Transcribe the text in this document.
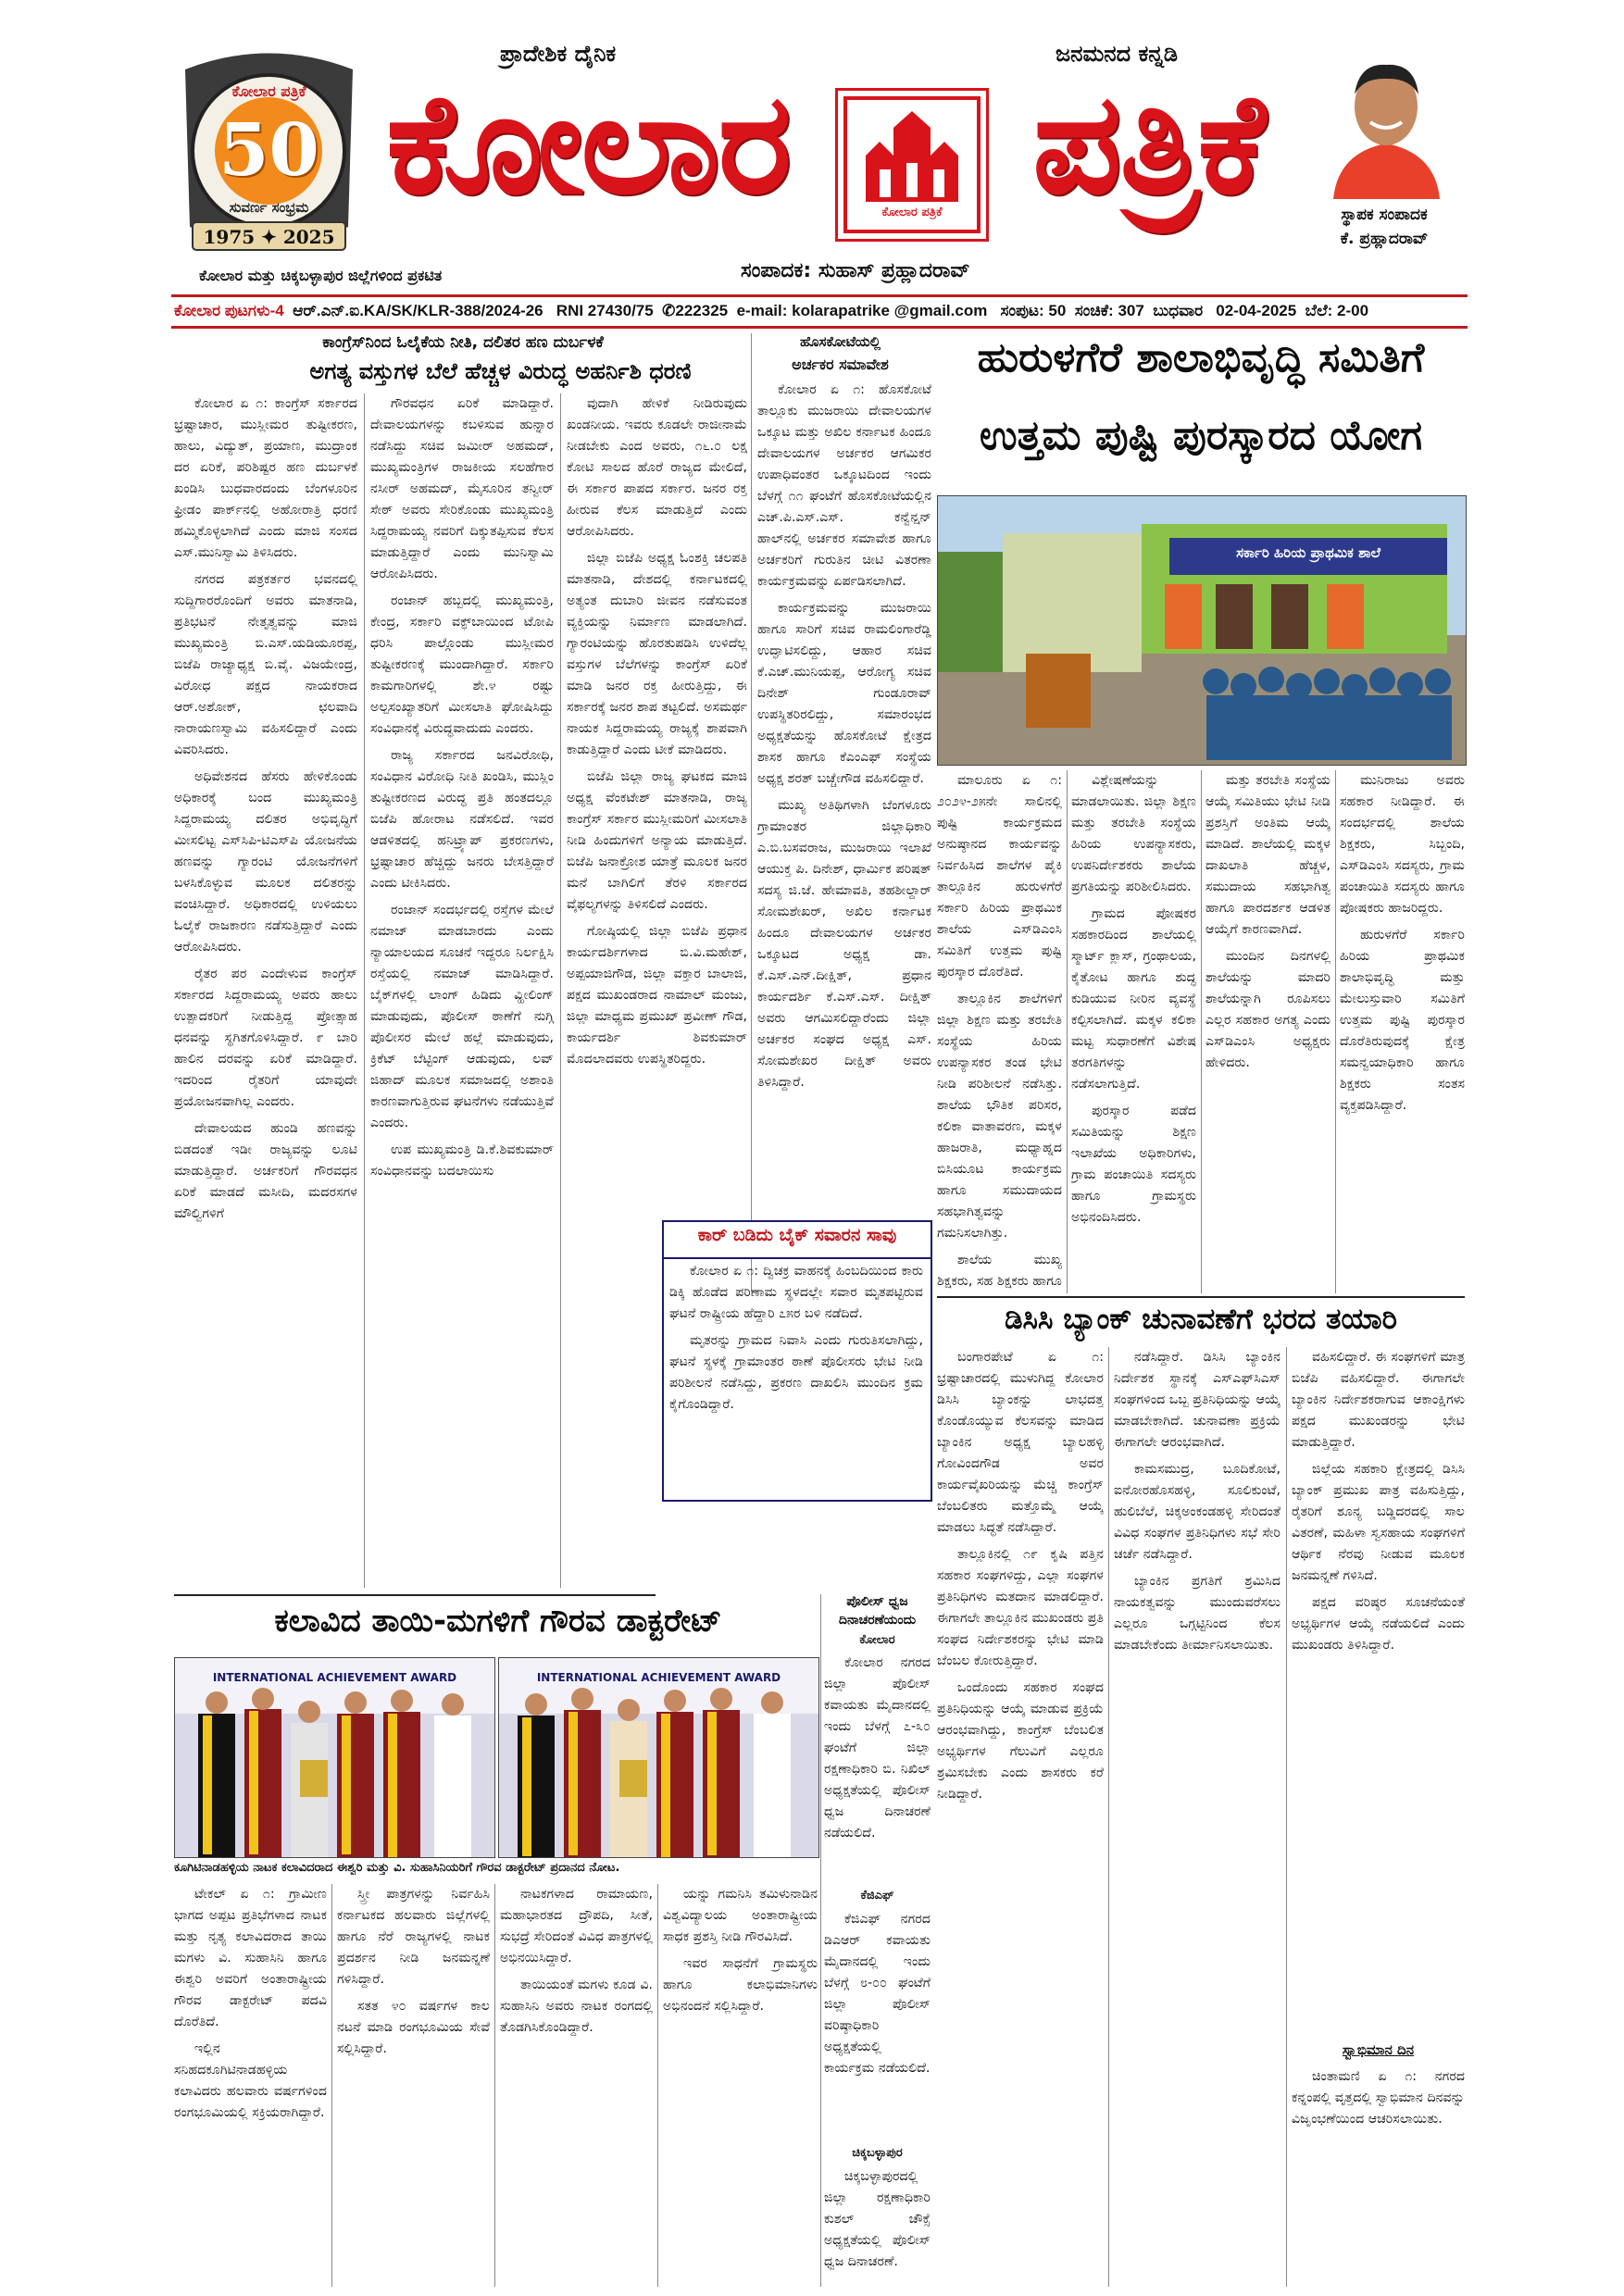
ಕೋಲಾರ ಪತ್ರಿಕೆ
50
ಸುವರ್ಣ ಸಂಭ್ರಮ
1975 ✦ 2025
ಪ್ರಾದೇಶಿಕ ದೈನಿಕ	ಜನಮನದ ಕನ್ನಡಿ
ಕೋಲಾರ	ಕೋಲಾರ ಪತ್ರಿಕೆ ಪತ್ರಿಕೆ	ಸ್ಥಾಪಕ ಸಂಪಾದಕ
ಕೆ. ಪ್ರಹ್ಲಾದರಾವ್
ಕೋಲಾರ ಮತ್ತು ಚಿಕ್ಕಬಳ್ಳಾಪುರ ಜಿಲ್ಲೆಗಳಿಂದ ಪ್ರಕಟಿತ	ಸಂಪಾದಕ: ಸುಹಾಸ್ ಪ್ರಹ್ಲಾದರಾವ್
ಕೋಲಾರ ಪುಟಗಳು-4 ಆರ್.ಎನ್.ಐ.KA/SK/KLR-388/2024-26 RNI 27430/75 ✆222325 e-mail: kolarapatrike @gmail.com ಸಂಪುಟ: 50 ಸಂಚಿಕೆ: 307 ಬುಧವಾರ 02-04-2025 ಬೆಲೆ: 2-00
ಕಾಂಗ್ರೆಸ್‌ನಿಂದ ಓಲೈಕೆಯ ನೀತಿ, ದಲಿತರ ಹಣ ದುರ್ಬಳಕೆ
ಅಗತ್ಯ ವಸ್ತುಗಳ ಬೆಲೆ ಹೆಚ್ಚಳ ವಿರುದ್ಧ ಅಹರ್ನಿಶಿ ಧರಣಿ

ಕೋಲಾರ ಏ ೧: ಕಾಂಗ್ರೆಸ್ ಸರ್ಕಾರದ ಭ್ರಷ್ಟಾಚಾರ, ಮುಸ್ಲೀಮರ ತುಷ್ಟೀಕರಣ, ಹಾಲು, ವಿದ್ಯುತ್, ಪ್ರಯಾಣ, ಮುದ್ರಾಂಕ ದರ ಏರಿಕೆ, ಪರಿಶಿಷ್ಟರ ಹಣ ದುರ್ಬಳಕೆ ಖಂಡಿಸಿ ಬುಧವಾರದಂದು ಬೆಂಗಳೂರಿನ ಫ್ರೀಡಂ ಪಾರ್ಕ್‌ನಲ್ಲಿ ಅಹೋರಾತ್ರಿ ಧರಣಿ ಹಮ್ಮಿಕೊಳ್ಳಲಾಗಿದೆ ಎಂದು ಮಾಜಿ ಸಂಸದ ಎಸ್.ಮುನಿಸ್ವಾಮಿ ತಿಳಿಸಿದರು.

ನಗರದ ಪತ್ರಕರ್ತರ ಭವನದಲ್ಲಿ ಸುದ್ದಿಗಾರರೊಂದಿಗೆ ಅವರು ಮಾತನಾಡಿ, ಪ್ರತಿಭಟನೆ ನೇತೃತ್ವವನ್ನು ಮಾಜಿ ಮುಖ್ಯಮಂತ್ರಿ ಬಿ.ಎಸ್.ಯಡಿಯೂರಪ್ಪ, ಬಿಜೆಪಿ ರಾಜ್ಯಾಧ್ಯಕ್ಷ ಬಿ.ವೈ. ವಿಜಯೇಂದ್ರ, ವಿರೋಧ ಪಕ್ಷದ ನಾಯಕರಾದ ಆರ್.ಅಶೋಕ್, ಛಲವಾದಿ ನಾರಾಯಣಸ್ವಾಮಿ ವಹಿಸಲಿದ್ದಾರೆ ಎಂದು ವಿವರಿಸಿದರು.

ಅಧಿವೇಶನದ ಹೆಸರು ಹೇಳಿಕೊಂಡು ಅಧಿಕಾರಕ್ಕೆ ಬಂದ ಮುಖ್ಯಮಂತ್ರಿ ಸಿದ್ದರಾಮಯ್ಯ ದಲಿತರ ಅಭಿವೃದ್ಧಿಗೆ ಮೀಸಲಿಟ್ಟ ಎಸ್‌ಸಿಪಿ-ಟಿಎಸ್‌ಪಿ ಯೋಜನೆಯ ಹಣವನ್ನು ಗ್ಯಾರಂಟಿ ಯೋಜನೆಗಳಿಗೆ ಬಳಸಿಕೊಳ್ಳುವ ಮೂಲಕ ದಲಿತರನ್ನು ವಂಚಿಸಿದ್ದಾರೆ. ಅಧಿಕಾರದಲ್ಲಿ ಉಳಿಯಲು ಓಲೈಕೆ ರಾಜಕಾರಣ ನಡೆಸುತ್ತಿದ್ದಾರೆ ಎಂದು ಆರೋಪಿಸಿದರು.

ರೈತರ ಪರ ಎಂದೇಳುವ ಕಾಂಗ್ರೆಸ್ ಸರ್ಕಾರದ ಸಿದ್ದರಾಮಯ್ಯ ಅವರು ಹಾಲು ಉತ್ಪಾದಕರಿಗೆ ನೀಡುತ್ತಿದ್ದ ಪ್ರೋತ್ಸಾಹ ಧನವನ್ನು ಸ್ಥಗಿತಗೊಳಿಸಿದ್ದಾರೆ. ೯ ಬಾರಿ ಹಾಲಿನ ದರವನ್ನು ಏರಿಕೆ ಮಾಡಿದ್ದಾರೆ. ಇದರಿಂದ ರೈತರಿಗೆ ಯಾವುದೇ ಪ್ರಯೋಜನವಾಗಿಲ್ಲ ಎಂದರು.

ದೇವಾಲಯದ ಹುಂಡಿ ಹಣವನ್ನು ಬಿಡದಂತೆ ಇಡೀ ರಾಜ್ಯವನ್ನು ಲೂಟಿ ಮಾಡುತ್ತಿದ್ದಾರೆ. ಅರ್ಚಕರಿಗೆ ಗೌರವಧನ ಏರಿಕೆ ಮಾಡದೆ ಮಸೀದಿ, ಮದರಸಗಳ ಮೌಲ್ವಿಗಳಿಗೆ

ಗೌರವಧನ ಏರಿಕೆ ಮಾಡಿದ್ದಾರೆ. ದೇವಾಲಯಗಳನ್ನು ಕಬಳಿಸುವ ಹುನ್ನಾರ ನಡೆಸಿದ್ದು ಸಚಿವ ಜಮೀರ್ ಅಹಮದ್, ಮುಖ್ಯಮಂತ್ರಿಗಳ ರಾಜಕೀಯ ಸಲಹೆಗಾರ ನಸೀರ್ ಅಹಮದ್, ಮೈಸೂರಿನ ತನ್ವೀರ್ ಸೇಠ್ ಅವರು ಸೇರಿಕೊಂಡು ಮುಖ್ಯಮಂತ್ರಿ ಸಿದ್ದರಾಮಯ್ಯ ನವರಿಗೆ ದಿಕ್ಕುತಪ್ಪಿಸುವ ಕೆಲಸ ಮಾಡುತ್ತಿದ್ದಾರೆ ಎಂದು ಮುನಿಸ್ವಾಮಿ ಆರೋಪಿಸಿದರು.

ರಂಜಾನ್ ಹಬ್ಬದಲ್ಲಿ ಮುಖ್ಯಮಂತ್ರಿ, ಕೇಂದ್ರ, ಸರ್ಕಾರಿ ವಕ್ಫ್‌ಬಾಯಿಂದ ಟೋಪಿ ಧರಿಸಿ ಪಾಲ್ಗೊಂಡು ಮುಸ್ಲೀಮರ ತುಷ್ಟೀಕರಣಕ್ಕೆ ಮುಂದಾಗಿದ್ದಾರೆ. ಸರ್ಕಾರಿ ಕಾಮಗಾರಿಗಳಲ್ಲಿ ಶೇ.೪ ರಷ್ಟು ಅಲ್ಪಸಂಖ್ಯಾತರಿಗೆ ಮೀಸಲಾತಿ ಘೋಷಿಸಿದ್ದು ಸಂವಿಧಾನಕ್ಕೆ ವಿರುದ್ಧವಾದುದು ಎಂದರು.

ರಾಜ್ಯ ಸರ್ಕಾರದ ಜನವಿರೋಧಿ, ಸಂವಿಧಾನ ವಿರೋಧಿ ನೀತಿ ಖಂಡಿಸಿ, ಮುಸ್ಲಿಂ ತುಷ್ಟೀಕರಣದ ವಿರುದ್ಧ ಪ್ರತಿ ಹಂತದಲ್ಲೂ ಬಿಜೆಪಿ ಹೋರಾಟ ನಡೆಸಲಿದೆ. ಇವರ ಆಡಳಿತದಲ್ಲಿ ಹನಿಟ್ರ್ಯಾಪ್ ಪ್ರಕರಣಗಳು, ಭ್ರಷ್ಟಾಚಾರ ಹೆಚ್ಚಿದ್ದು ಜನರು ಬೇಸತ್ತಿದ್ದಾರೆ ಎಂದು ಟೀಕಿಸಿದರು.

ರಂಜಾನ್ ಸಂದರ್ಭದಲ್ಲಿ ರಸ್ತೆಗಳ ಮೇಲೆ ನಮಾಜ್ ಮಾಡಬಾರದು ಎಂದು ನ್ಯಾಯಾಲಯದ ಸೂಚನೆ ಇದ್ದರೂ ನಿರ್ಲಕ್ಷಿಸಿ ರಸ್ತೆಯಲ್ಲಿ ನಮಾಜ್ ಮಾಡಿಸಿದ್ದಾರೆ. ಬೈಕ್‌ಗಳಲ್ಲಿ ಲಾಂಗ್ ಹಿಡಿದು ವ್ಹೀಲಿಂಗ್ ಮಾಡುವುದು, ಪೊಲೀಸ್ ಠಾಣೆಗೆ ನುಗ್ಗಿ ಪೊಲೀಸರ ಮೇಲೆ ಹಲ್ಲೆ ಮಾಡುವುದು, ಕ್ರಿಕೆಟ್ ಬೆಟ್ಟಿಂಗ್ ಆಡುವುದು, ಲವ್ ಜಿಹಾದ್ ಮೂಲಕ ಸಮಾಜದಲ್ಲಿ ಅಶಾಂತಿ ಕಾರಣವಾಗುತ್ತಿರುವ ಘಟನೆಗಳು ನಡೆಯುತ್ತಿವೆ ಎಂದರು.

ಉಪ ಮುಖ್ಯಮಂತ್ರಿ ಡಿ.ಕೆ.ಶಿವಕುಮಾರ್ ಸಂವಿಧಾನವನ್ನು ಬದಲಾಯಿಸು

ವುದಾಗಿ ಹೇಳಿಕೆ ನೀಡಿರುವುದು ಖಂಡನೀಯ. ಇವರು ಕೂಡಲೇ ರಾಜೀನಾಮೆ ನೀಡಬೇಕು ಎಂದ ಅವರು, ೧೬.೦ ಲಕ್ಷ ಕೋಟಿ ಸಾಲದ ಹೊರೆ ರಾಜ್ಯದ ಮೇಲಿದೆ, ಈ ಸರ್ಕಾರ ಪಾಪದ ಸರ್ಕಾರ. ಜನರ ರಕ್ತ ಹೀರುವ ಕೆಲಸ ಮಾಡುತ್ತಿದೆ ಎಂದು ಆರೋಪಿಸಿದರು.

ಜಿಲ್ಲಾ ಬಿಜೆಪಿ ಅಧ್ಯಕ್ಷ ಓಂಶಕ್ತಿ ಚಲಪತಿ ಮಾತನಾಡಿ, ದೇಶದಲ್ಲಿ ಕರ್ನಾಟಕದಲ್ಲಿ ಅತ್ಯಂತ ದುಬಾರಿ ಜೀವನ ನಡೆಸುವಂತ ವ್ಯಕ್ತಿಯನ್ನು ನಿರ್ಮಾಣ ಮಾಡಲಾಗಿದೆ. ಗ್ಯಾರಂಟಿಯನ್ನು ಹೊರತುಪಡಿಸಿ ಉಳಿದೆಲ್ಲ ವಸ್ತುಗಳ ಬೆಲೆಗಳನ್ನು ಕಾಂಗ್ರೆಸ್ ಏರಿಕೆ ಮಾಡಿ ಜನರ ರಕ್ತ ಹೀರುತ್ತಿದ್ದು, ಈ ಸರ್ಕಾರಕ್ಕೆ ಜನರ ಶಾಪ ತಟ್ಟಲಿದೆ. ಅಸಮರ್ಥ ನಾಯಕ ಸಿದ್ದರಾಮಯ್ಯ ರಾಜ್ಯಕ್ಕೆ ಶಾಪವಾಗಿ ಕಾಡುತ್ತಿದ್ದಾರೆ ಎಂದು ಟೀಕೆ ಮಾಡಿದರು.

ಬಿಜೆಪಿ ಜಿಲ್ಲಾ ರಾಜ್ಯ ಘಟಕದ ಮಾಜಿ ಅಧ್ಯಕ್ಷ ವೆಂಕಟೇಶ್ ಮಾತನಾಡಿ, ರಾಜ್ಯ ಕಾಂಗ್ರೆಸ್ ಸರ್ಕಾರ ಮುಸ್ಲೀಮರಿಗೆ ಮೀಸಲಾತಿ ನೀಡಿ ಹಿಂದುಗಳಿಗೆ ಅನ್ಯಾಯ ಮಾಡುತ್ತಿದೆ. ಬಿಜೆಪಿ ಜನಾಕ್ರೋಶ ಯಾತ್ರೆ ಮೂಲಕ ಜನರ ಮನೆ ಬಾಗಿಲಿಗೆ ತೆರಳಿ ಸರ್ಕಾರದ ವೈಫಲ್ಯಗಳನ್ನು ತಿಳಿಸಲಿದೆ ಎಂದರು.

ಗೋಷ್ಠಿಯಲ್ಲಿ ಜಿಲ್ಲಾ ಬಿಜೆಪಿ ಪ್ರಧಾನ ಕಾರ್ಯದರ್ಶಿಗಳಾದ ಬಿ.ವಿ.ಮಹೇಶ್, ಅಪ್ಪಯಾಜಿಗೌಡ, ಜಿಲ್ಲಾ ವಕ್ತಾರ ಬಾಲಾಜಿ, ಪಕ್ಷದ ಮುಖಂಡರಾದ ನಾಮಾಲ್ ಮಂಜು, ಜಿಲ್ಲಾ ಮಾಧ್ಯಮ ಪ್ರಮುಖ್ ಪ್ರವೀಣ್ ಗೌಡ, ಕಾರ್ಯದರ್ಶಿ ಶಿವಕುಮಾರ್ ಮೊದಲಾದವರು ಉಪಸ್ಥಿತರಿದ್ದರು.

ಹೊಸಕೋಟೆಯಲ್ಲಿ
ಅರ್ಚಕರ ಸಮಾವೇಶ

ಕೋಲಾರ ಏ ೧: ಹೊಸಕೋಟೆ ತಾಲ್ಲೂಕು ಮುಜರಾಯಿ ದೇವಾಲಯಗಳ ಒಕ್ಕೂಟ ಮತ್ತು ಅಖಿಲ ಕರ್ನಾಟಕ ಹಿಂದೂ ದೇವಾಲಯಗಳ ಅರ್ಚಕರ ಆಗಮಿಕರ ಉಪಾಧಿವಂತರ ಒಕ್ಕೂಟದಿಂದ ಇಂದು ಬೆಳಗ್ಗೆ ೧೧ ಘಂಟೆಗೆ ಹೊಸಕೋಟೆಯಲ್ಲಿನ ಎಚ್.ಪಿ.ಎಸ್.ಎಸ್. ಕನ್ವೆನ್ಷನ್ ಹಾಲ್‌ನಲ್ಲಿ ಅರ್ಚಕರ ಸಮಾವೇಶ ಹಾಗೂ ಅರ್ಚಕರಿಗೆ ಗುರುತಿನ ಚೀಟಿ ವಿತರಣಾ ಕಾರ್ಯಕ್ರಮವನ್ನು ಏರ್ಪಡಿಸಲಾಗಿದೆ.

ಕಾರ್ಯಕ್ರಮವನ್ನು ಮುಜರಾಯಿ ಹಾಗೂ ಸಾರಿಗೆ ಸಚಿವ ರಾಮಲಿಂಗಾರೆಡ್ಡಿ ಉದ್ಘಾಟಿಸಲಿದ್ದು, ಆಹಾರ ಸಚಿವ ಕೆ.ಎಚ್.ಮುನಿಯಪ್ಪ, ಆರೋಗ್ಯ ಸಚಿವ ದಿನೇಶ್ ಗುಂಡೂರಾವ್ ಉಪಸ್ಥಿತರಿರಲಿದ್ದು, ಸಮಾರಂಭದ ಅಧ್ಯಕ್ಷತೆಯನ್ನು ಹೊಸಕೋಟೆ ಕ್ಷೇತ್ರದ ಶಾಸಕ ಹಾಗೂ ಕೆಎಂಎಫ್ ಸಂಸ್ಥೆಯ ಅಧ್ಯಕ್ಷ ಶರತ್ ಬಚ್ಚೇಗೌಡ ವಹಿಸಲಿದ್ದಾರೆ.

ಮುಖ್ಯ ಅತಿಥಿಗಳಾಗಿ ಬೆಂಗಳೂರು ಗ್ರಾಮಾಂತರ ಜಿಲ್ಲಾಧಿಕಾರಿ ಎ.ಬಿ.ಬಸವರಾಜ, ಮುಜರಾಯಿ ಇಲಾಖೆ ಆಯುಕ್ತ ಪಿ. ದಿನೇಶ್, ಧಾರ್ಮಿಕ ಪರಿಷತ್ ಸದಸ್ಯ ಜಿ.ಜೆ. ಹೇಮಾವತಿ, ತಹಶೀಲ್ದಾರ್ ಸೋಮಶೇಖರ್, ಅಖಿಲ ಕರ್ನಾಟಕ ಹಿಂದೂ ದೇವಾಲಯಗಳ ಅರ್ಚಕರ ಒಕ್ಕೂಟದ ಅಧ್ಯಕ್ಷ ಡಾ. ಕೆ.ಎಸ್.ಎನ್.ದೀಕ್ಷಿತ್, ಪ್ರಧಾನ ಕಾರ್ಯದರ್ಶಿ ಕೆ.ಎಸ್.ಎಸ್. ದೀಕ್ಷಿತ್ ಅವರು ಆಗಮಿಸಲಿದ್ದಾರೆಂದು ಜಿಲ್ಲಾ ಅರ್ಚಕರ ಸಂಘದ ಅಧ್ಯಕ್ಷ ಎಸ್. ಸೋಮಶೇಖರ ದೀಕ್ಷಿತ್ ಅವರು ತಿಳಿಸಿದ್ದಾರೆ.

ಹುರುಳಗೆರೆ ಶಾಲಾಭಿವೃದ್ಧಿ ಸಮಿತಿಗೆ
ಉತ್ತಮ ಪುಷ್ಟಿ ಪುರಸ್ಕಾರದ ಯೋಗ
ಸರ್ಕಾರಿ ಹಿರಿಯ ಪ್ರಾಥಮಿಕ ಶಾಲೆ

ಮಾಲೂರು ಏ ೧: ೨೦೨೪-೨೫ನೇ ಸಾಲಿನಲ್ಲಿ ಪುಷ್ಟಿ ಕಾರ್ಯಕ್ರಮದ ಅನುಷ್ಠಾನದ ಕಾರ್ಯವನ್ನು ನಿರ್ವಹಿಸಿದ ಶಾಲೆಗಳ ಪೈಕಿ ತಾಲ್ಲೂಕಿನ ಹುರುಳಗೆರೆ ಸರ್ಕಾರಿ ಹಿರಿಯ ಪ್ರಾಥಮಿಕ ಶಾಲೆಯ ಎಸ್‌ಡಿಎಂಸಿ ಸಮಿತಿಗೆ ಉತ್ತಮ ಪುಷ್ಟಿ ಪುರಸ್ಕಾರ ದೊರೆತಿದೆ.

ತಾಲ್ಲೂಕಿನ ಶಾಲೆಗಳಿಗೆ ಜಿಲ್ಲಾ ಶಿಕ್ಷಣ ಮತ್ತು ತರಬೇತಿ ಸಂಸ್ಥೆಯ ಹಿರಿಯ ಉಪನ್ಯಾಸಕರ ತಂಡ ಭೇಟಿ ನೀಡಿ ಪರಿಶೀಲನೆ ನಡೆಸಿತ್ತು. ಶಾಲೆಯ ಭೌತಿಕ ಪರಿಸರ, ಕಲಿಕಾ ವಾತಾವರಣ, ಮಕ್ಕಳ ಹಾಜರಾತಿ, ಮಧ್ಯಾಹ್ನದ ಬಿಸಿಯೂಟ ಕಾರ್ಯಕ್ರಮ ಹಾಗೂ ಸಮುದಾಯದ ಸಹಭಾಗಿತ್ವವನ್ನು ಗಮನಿಸಲಾಗಿತ್ತು.

ಶಾಲೆಯ ಮುಖ್ಯ ಶಿಕ್ಷಕರು, ಸಹ ಶಿಕ್ಷಕರು ಹಾಗೂ

ವಿಶ್ಲೇಷಣೆಯನ್ನು ಮಾಡಲಾಯಿತು. ಜಿಲ್ಲಾ ಶಿಕ್ಷಣ ಮತ್ತು ತರಬೇತಿ ಸಂಸ್ಥೆಯ ಹಿರಿಯ ಉಪನ್ಯಾಸಕರು, ಉಪನಿರ್ದೇಶಕರು ಶಾಲೆಯ ಪ್ರಗತಿಯನ್ನು ಪರಿಶೀಲಿಸಿದರು.

ಗ್ರಾಮದ ಪೋಷಕರ ಸಹಕಾರದಿಂದ ಶಾಲೆಯಲ್ಲಿ ಸ್ಮಾರ್ಟ್ ಕ್ಲಾಸ್, ಗ್ರಂಥಾಲಯ, ಕೈತೋಟ ಹಾಗೂ ಶುದ್ಧ ಕುಡಿಯುವ ನೀರಿನ ವ್ಯವಸ್ಥೆ ಕಲ್ಪಿಸಲಾಗಿದೆ. ಮಕ್ಕಳ ಕಲಿಕಾ ಮಟ್ಟ ಸುಧಾರಣೆಗೆ ವಿಶೇಷ ತರಗತಿಗಳನ್ನು ನಡೆಸಲಾಗುತ್ತಿದೆ.

ಪುರಸ್ಕಾರ ಪಡೆದ ಸಮಿತಿಯನ್ನು ಶಿಕ್ಷಣ ಇಲಾಖೆಯ ಅಧಿಕಾರಿಗಳು, ಗ್ರಾಮ ಪಂಚಾಯಿತಿ ಸದಸ್ಯರು ಹಾಗೂ ಗ್ರಾಮಸ್ಥರು ಅಭಿನಂದಿಸಿದರು.

ಮತ್ತು ತರಬೇತಿ ಸಂಸ್ಥೆಯ ಆಯ್ಕೆ ಸಮಿತಿಯು ಭೇಟಿ ನೀಡಿ ಪ್ರಶಸ್ತಿಗೆ ಅಂತಿಮ ಆಯ್ಕೆ ಮಾಡಿದೆ. ಶಾಲೆಯಲ್ಲಿ ಮಕ್ಕಳ ದಾಖಲಾತಿ ಹೆಚ್ಚಳ, ಸಮುದಾಯ ಸಹಭಾಗಿತ್ವ ಹಾಗೂ ಪಾರದರ್ಶಕ ಆಡಳಿತ ಆಯ್ಕೆಗೆ ಕಾರಣವಾಗಿದೆ.

ಮುಂದಿನ ದಿನಗಳಲ್ಲಿ ಶಾಲೆಯನ್ನು ಮಾದರಿ ಶಾಲೆಯನ್ನಾಗಿ ರೂಪಿಸಲು ಎಲ್ಲರ ಸಹಕಾರ ಅಗತ್ಯ ಎಂದು ಎಸ್‌ಡಿಎಂಸಿ ಅಧ್ಯಕ್ಷರು ಹೇಳಿದರು.

ಮುನಿರಾಜು ಅವರು ಸಹಕಾರ ನೀಡಿದ್ದಾರೆ. ಈ ಸಂದರ್ಭದಲ್ಲಿ ಶಾಲೆಯ ಶಿಕ್ಷಕರು, ಸಿಬ್ಬಂದಿ, ಎಸ್‌ಡಿಎಂಸಿ ಸದಸ್ಯರು, ಗ್ರಾಮ ಪಂಚಾಯಿತಿ ಸದಸ್ಯರು ಹಾಗೂ ಪೋಷಕರು ಹಾಜರಿದ್ದರು.

ಹುರುಳಗೆರೆ ಸರ್ಕಾರಿ ಹಿರಿಯ ಪ್ರಾಥಮಿಕ ಶಾಲಾಭಿವೃದ್ಧಿ ಮತ್ತು ಮೇಲುಸ್ತುವಾರಿ ಸಮಿತಿಗೆ ಉತ್ತಮ ಪುಷ್ಟಿ ಪುರಸ್ಕಾರ ದೊರೆತಿರುವುದಕ್ಕೆ ಕ್ಷೇತ್ರ ಸಮನ್ವಯಾಧಿಕಾರಿ ಹಾಗೂ ಶಿಕ್ಷಕರು ಸಂತಸ ವ್ಯಕ್ತಪಡಿಸಿದ್ದಾರೆ.

ಕಾರ್ ಬಡಿದು ಬೈಕ್ ಸವಾರನ ಸಾವು

ಕೋಲಾರ ಏ ೧: ದ್ವಿಚಕ್ರ ವಾಹನಕ್ಕೆ ಹಿಂಬದಿಯಿಂದ ಕಾರು ಡಿಕ್ಕಿ ಹೊಡೆದ ಪರಿಣಾಮ ಸ್ಥಳದಲ್ಲೇ ಸವಾರ ಮೃತಪಟ್ಟಿರುವ ಘಟನೆ ರಾಷ್ಟ್ರೀಯ ಹೆದ್ದಾರಿ ೭೫ರ ಬಳಿ ನಡೆದಿದೆ.

ಮೃತರನ್ನು ಗ್ರಾಮದ ನಿವಾಸಿ ಎಂದು ಗುರುತಿಸಲಾಗಿದ್ದು, ಘಟನೆ ಸ್ಥಳಕ್ಕೆ ಗ್ರಾಮಾಂತರ ಠಾಣೆ ಪೊಲೀಸರು ಭೇಟಿ ನೀಡಿ ಪರಿಶೀಲನೆ ನಡೆಸಿದ್ದು, ಪ್ರಕರಣ ದಾಖಲಿಸಿ ಮುಂದಿನ ಕ್ರಮ ಕೈಗೊಂಡಿದ್ದಾರೆ.

ಡಿಸಿಸಿ ಬ್ಯಾಂಕ್ ಚುನಾವಣೆಗೆ ಭರದ ತಯಾರಿ

ಬಂಗಾರಪೇಟೆ ಏ ೧: ಭ್ರಷ್ಟಾಚಾರದಲ್ಲಿ ಮುಳುಗಿದ್ದ ಕೋಲಾರ ಡಿಸಿಸಿ ಬ್ಯಾಂಕನ್ನು ಲಾಭದತ್ತ ಕೊಂಡೊಯ್ಯುವ ಕೆಲಸವನ್ನು ಮಾಡಿದ ಬ್ಯಾಂಕಿನ ಅಧ್ಯಕ್ಷ ಬ್ಯಾಲಹಳ್ಳಿ ಗೋವಿಂದಗೌಡ ಅವರ ಕಾರ್ಯವೈಖರಿಯನ್ನು ಮೆಚ್ಚಿ ಕಾಂಗ್ರೆಸ್ ಬೆಂಬಲಿತರು ಮತ್ತೊಮ್ಮೆ ಆಯ್ಕೆ ಮಾಡಲು ಸಿದ್ಧತೆ ನಡೆಸಿದ್ದಾರೆ.

ತಾಲ್ಲೂಕಿನಲ್ಲಿ ೧೯ ಕೃಷಿ ಪತ್ತಿನ ಸಹಕಾರ ಸಂಘಗಳಿದ್ದು, ಎಲ್ಲಾ ಸಂಘಗಳ ಪ್ರತಿನಿಧಿಗಳು ಮತದಾನ ಮಾಡಲಿದ್ದಾರೆ. ಈಗಾಗಲೇ ತಾಲ್ಲೂಕಿನ ಮುಖಂಡರು ಪ್ರತಿ ಸಂಘದ ನಿರ್ದೇಶಕರನ್ನು ಭೇಟಿ ಮಾಡಿ ಬೆಂಬಲ ಕೋರುತ್ತಿದ್ದಾರೆ.

ಒಂದೊಂದು ಸಹಕಾರ ಸಂಘದ ಪ್ರತಿನಿಧಿಯನ್ನು ಆಯ್ಕೆ ಮಾಡುವ ಪ್ರಕ್ರಿಯೆ ಆರಂಭವಾಗಿದ್ದು, ಕಾಂಗ್ರೆಸ್ ಬೆಂಬಲಿತ ಅಭ್ಯರ್ಥಿಗಳ ಗೆಲುವಿಗೆ ಎಲ್ಲರೂ ಶ್ರಮಿಸಬೇಕು ಎಂದು ಶಾಸಕರು ಕರೆ ನೀಡಿದ್ದಾರೆ.

ನಡೆಸಿದ್ದಾರೆ. ಡಿಸಿಸಿ ಬ್ಯಾಂಕಿನ ನಿರ್ದೇಶಕ ಸ್ಥಾನಕ್ಕೆ ಎಸ್‌ಎಫ್‌ಸಿಎಸ್ ಸಂಘಗಳಿಂದ ಒಬ್ಬ ಪ್ರತಿನಿಧಿಯನ್ನು ಆಯ್ಕೆ ಮಾಡಬೇಕಾಗಿದೆ. ಚುನಾವಣಾ ಪ್ರಕ್ರಿಯೆ ಈಗಾಗಲೇ ಆರಂಭವಾಗಿದೆ.

ಕಾಮಸಮುದ್ರ, ಬೂದಿಕೋಟೆ, ಐನೋರಹೊಸಹಳ್ಳಿ, ಸೂಲಿಕುಂಟೆ, ಹುಲಿಬೆಲೆ, ಚಿಕ್ಕಅಂಕಂಡಹಳ್ಳಿ ಸೇರಿದಂತೆ ವಿವಿಧ ಸಂಘಗಳ ಪ್ರತಿನಿಧಿಗಳು ಸಭೆ ಸೇರಿ ಚರ್ಚೆ ನಡೆಸಿದ್ದಾರೆ.

ಬ್ಯಾಂಕಿನ ಪ್ರಗತಿಗೆ ಶ್ರಮಿಸಿದ ನಾಯಕತ್ವವನ್ನು ಮುಂದುವರೆಸಲು ಎಲ್ಲರೂ ಒಗ್ಗಟ್ಟಿನಿಂದ ಕೆಲಸ ಮಾಡಬೇಕೆಂದು ತೀರ್ಮಾನಿಸಲಾಯಿತು.

ವಹಿಸಲಿದ್ದಾರೆ. ಈ ಸಂಘಗಳಿಗೆ ಮಾತ್ರ ಬಿಜೆಪಿ ವಹಿಸಲಿದ್ದಾರೆ. ಈಗಾಗಲೇ ಬ್ಯಾಂಕಿನ ನಿರ್ದೇಶಕರಾಗುವ ಆಕಾಂಕ್ಷಿಗಳು ಪಕ್ಷದ ಮುಖಂಡರನ್ನು ಭೇಟಿ ಮಾಡುತ್ತಿದ್ದಾರೆ.

ಜಿಲ್ಲೆಯ ಸಹಕಾರಿ ಕ್ಷೇತ್ರದಲ್ಲಿ ಡಿಸಿಸಿ ಬ್ಯಾಂಕ್ ಪ್ರಮುಖ ಪಾತ್ರ ವಹಿಸುತ್ತಿದ್ದು, ರೈತರಿಗೆ ಶೂನ್ಯ ಬಡ್ಡಿದರದಲ್ಲಿ ಸಾಲ ವಿತರಣೆ, ಮಹಿಳಾ ಸ್ವಸಹಾಯ ಸಂಘಗಳಿಗೆ ಆರ್ಥಿಕ ನೆರವು ನೀಡುವ ಮೂಲಕ ಜನಮನ್ನಣೆ ಗಳಿಸಿದೆ.

ಪಕ್ಷದ ವರಿಷ್ಠರ ಸೂಚನೆಯಂತೆ ಅಭ್ಯರ್ಥಿಗಳ ಆಯ್ಕೆ ನಡೆಯಲಿದೆ ಎಂದು ಮುಖಂಡರು ತಿಳಿಸಿದ್ದಾರೆ.

ಸ್ವಾಭಿಮಾನ ದಿನ

ಚಿಂತಾಮಣಿ ಏ ೧: ನಗರದ ಕನ್ನಂಪಲ್ಲಿ ವೃತ್ತದಲ್ಲಿ ಸ್ವಾಭಿಮಾನ ದಿನವನ್ನು ವಿಜೃಂಭಣೆಯಿಂದ ಆಚರಿಸಲಾಯಿತು.

ಕಲಾವಿದ ತಾಯಿ-ಮಗಳಿಗೆ ಗೌರವ ಡಾಕ್ಟರೇಟ್
INTERNATIONAL ACHIEVEMENT AWARD	INTERNATIONAL ACHIEVEMENT AWARD
ಕೂಗಿಟಿನಾಡಹಳ್ಳಿಯ ನಾಟಕ ಕಲಾವಿದರಾದ ಈಶ್ವರಿ ಮತ್ತು ವಿ. ಸುಹಾಸಿನಿಯರಿಗೆ ಗೌರವ ಡಾಕ್ಟರೇಟ್ ಪ್ರದಾನದ ನೋಟ.

ಟೇಕಲ್ ಏ ೧: ಗ್ರಾಮೀಣ ಭಾಗದ ಅಪ್ಪಟ ಪ್ರತಿಭೆಗಳಾದ ನಾಟಕ ಮತ್ತು ನೃತ್ಯ ಕಲಾವಿದರಾದ ತಾಯಿ ಮಗಳು ವಿ. ಸುಹಾಸಿನಿ ಹಾಗೂ ಈಶ್ವರಿ ಅವರಿಗೆ ಅಂತಾರಾಷ್ಟ್ರೀಯ ಗೌರವ ಡಾಕ್ಟರೇಟ್ ಪದವಿ ದೊರೆತಿದೆ.

ಇಲ್ಲಿನ ಸನಿಹದಕೂಗಿಟಿನಾಡಹಳ್ಳಿಯ ಕಲಾವಿದರು ಹಲವಾರು ವರ್ಷಗಳಿಂದ ರಂಗಭೂಮಿಯಲ್ಲಿ ಸಕ್ರಿಯರಾಗಿದ್ದಾರೆ.

ಸ್ತ್ರೀ ಪಾತ್ರಗಳನ್ನು ನಿರ್ವಹಿಸಿ ಕರ್ನಾಟಕದ ಹಲವಾರು ಜಿಲ್ಲೆಗಳಲ್ಲಿ ಹಾಗೂ ನೆರೆ ರಾಜ್ಯಗಳಲ್ಲಿ ನಾಟಕ ಪ್ರದರ್ಶನ ನೀಡಿ ಜನಮನ್ನಣೆ ಗಳಿಸಿದ್ದಾರೆ.

ಸತತ ೪೦ ವರ್ಷಗಳ ಕಾಲ ನಟನೆ ಮಾಡಿ ರಂಗಭೂಮಿಯ ಸೇವೆ ಸಲ್ಲಿಸಿದ್ದಾರೆ.

ನಾಟಕಗಳಾದ ರಾಮಾಯಣ, ಮಹಾಭಾರತದ ದ್ರೌಪದಿ, ಸೀತೆ, ಸುಭದ್ರೆ ಸೇರಿದಂತೆ ವಿವಿಧ ಪಾತ್ರಗಳಲ್ಲಿ ಅಭಿನಯಿಸಿದ್ದಾರೆ.

ತಾಯಿಯಂತೆ ಮಗಳು ಕೂಡ ವಿ. ಸುಹಾಸಿನಿ ಅವರು ನಾಟಕ ರಂಗದಲ್ಲಿ ತೊಡಗಿಸಿಕೊಂಡಿದ್ದಾರೆ.

ಯನ್ನು ಗಮನಿಸಿ ತಮಿಳುನಾಡಿನ ವಿಶ್ವವಿದ್ಯಾಲಯ ಅಂತಾರಾಷ್ಟ್ರೀಯ ಸಾಧಕ ಪ್ರಶಸ್ತಿ ನೀಡಿ ಗೌರವಿಸಿದೆ.

ಇವರ ಸಾಧನೆಗೆ ಗ್ರಾಮಸ್ಥರು ಹಾಗೂ ಕಲಾಭಿಮಾನಿಗಳು ಅಭಿನಂದನೆ ಸಲ್ಲಿಸಿದ್ದಾರೆ.

ಪೊಲೀಸ್ ಧ್ವಜ
ದಿನಾಚರಣೆಯಂದು
ಕೋಲಾರ

ಕೋಲಾರ ನಗರದ ಜಿಲ್ಲಾ ಪೊಲೀಸ್ ಕವಾಯತು ಮೈದಾನದಲ್ಲಿ ಇಂದು ಬೆಳಗ್ಗೆ ೭-೩೦ ಘಂಟೆಗೆ ಜಿಲ್ಲಾ ರಕ್ಷಣಾಧಿಕಾರಿ ಬಿ. ನಿಖಿಲ್ ಅಧ್ಯಕ್ಷತೆಯಲ್ಲಿ ಪೊಲೀಸ್ ಧ್ವಜ ದಿನಾಚರಣೆ ನಡೆಯಲಿದೆ.

ಕೆಜಿಎಫ್

ಕೆಜಿಎಫ್ ನಗರದ ಡಿಎಆರ್ ಕವಾಯತು ಮೈದಾನದಲ್ಲಿ ಇಂದು ಬೆಳಗ್ಗೆ ೮-೦೦ ಘಂಟೆಗೆ ಜಿಲ್ಲಾ ಪೊಲೀಸ್ ವರಿಷ್ಠಾಧಿಕಾರಿ ಅಧ್ಯಕ್ಷತೆಯಲ್ಲಿ ಕಾರ್ಯಕ್ರಮ ನಡೆಯಲಿದೆ.

ಚಿಕ್ಕಬಳ್ಳಾಪುರ

ಚಿಕ್ಕಬಳ್ಳಾಪುರದಲ್ಲಿ ಜಿಲ್ಲಾ ರಕ್ಷಣಾಧಿಕಾರಿ ಕುಶಲ್ ಚೌಕ್ಸೆ ಅಧ್ಯಕ್ಷತೆಯಲ್ಲಿ ಪೊಲೀಸ್ ಧ್ವಜ ದಿನಾಚರಣೆ.
